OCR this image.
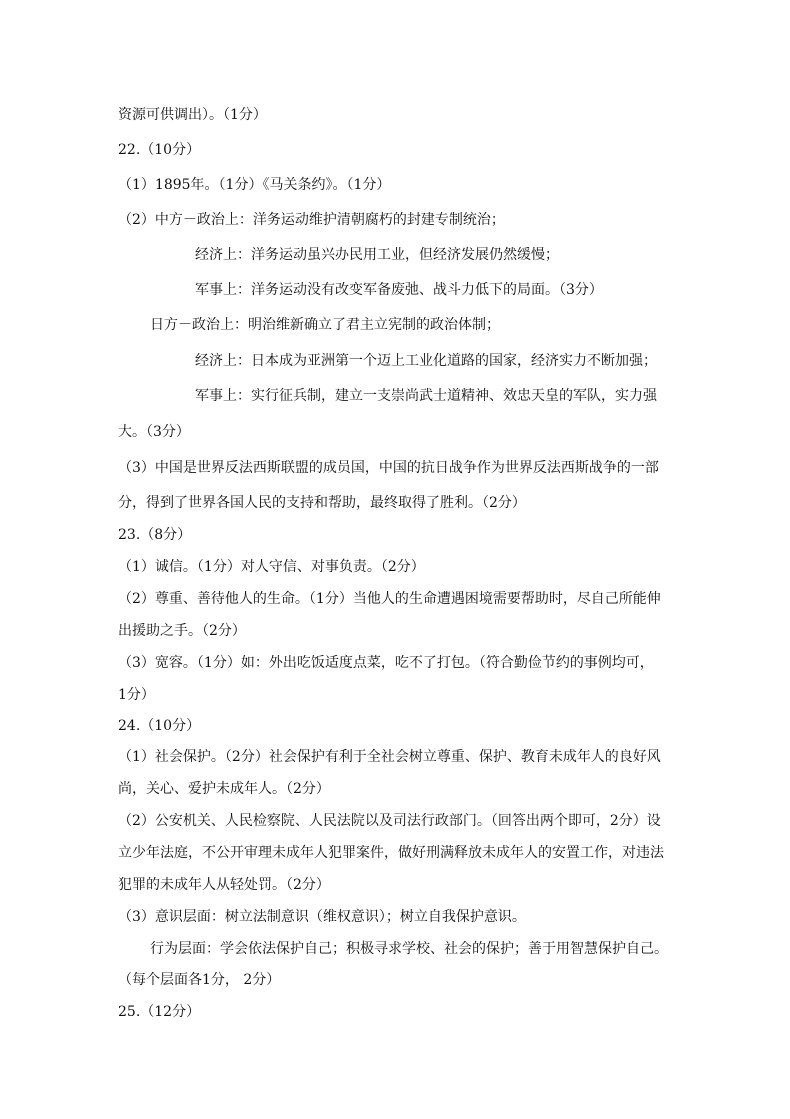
资源可供调出）。（1分）
22.（10分）
（1）1895年。（1分）《马关条约》。（1分）
（2）中方－政治上：洋务运动维护清朝腐朽的封建专制统治；
经济上：洋务运动虽兴办民用工业，但经济发展仍然缓慢；
军事上：洋务运动没有改变军备废弛、战斗力低下的局面。（3分）
日方－政治上：明治维新确立了君主立宪制的政治体制；
经济上：日本成为亚洲第一个迈上工业化道路的国家，经济实力不断加强；
军事上：实行征兵制，建立一支崇尚武士道精神、效忠天皇的军队，实力强
大。（3分）
（3）中国是世界反法西斯联盟的成员国，中国的抗日战争作为世界反法西斯战争的一部
分，得到了世界各国人民的支持和帮助，最终取得了胜利。（2分）
23.（8分）
（1）诚信。（1分）对人守信、对事负责。（2分）
（2）尊重、善待他人的生命。（1分）当他人的生命遭遇困境需要帮助时，尽自己所能伸
出援助之手。（2分）
（3）宽容。（1分）如：外出吃饭适度点菜，吃不了打包。（符合勤俭节约的事例均可，
1分）
24.（10分）
（1）社会保护。（2分）社会保护有利于全社会树立尊重、保护、教育未成年人的良好风
尚，关心、爱护未成年人。（2分）
（2）公安机关、人民检察院、人民法院以及司法行政部门。（回答出两个即可，2分）设
立少年法庭，不公开审理未成年人犯罪案件，做好刑满释放未成年人的安置工作，对违法
犯罪的未成年人从轻处罚。（2分）
（3）意识层面：树立法制意识（维权意识）；树立自我保护意识。
行为层面：学会依法保护自己；积极寻求学校、社会的保护；善于用智慧保护自己。
（每个层面各1分， 2分）
25.（12分）
